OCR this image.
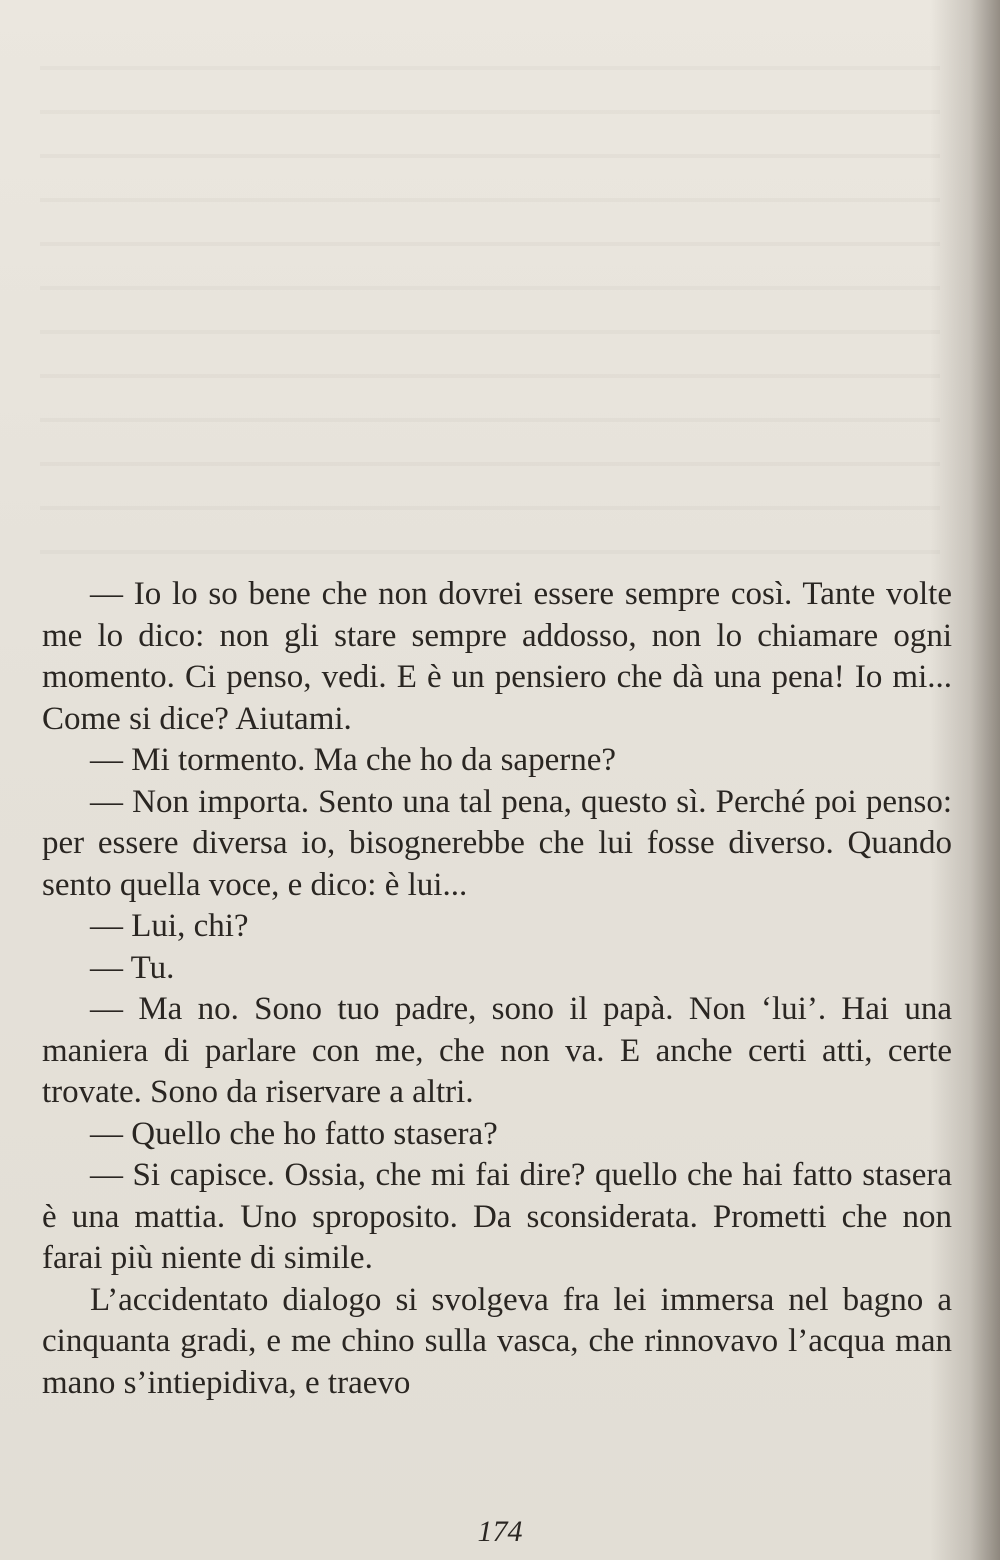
— Io lo so bene che non dovrei essere sempre così. Tante volte me lo dico: non gli stare sempre addosso, non lo chiamare ogni momento. Ci penso, vedi. E è un pensiero che dà una pena! Io mi... Come si dice? Aiutami.

— Mi tormento. Ma che ho da saperne?

— Non importa. Sento una tal pena, questo sì. Perché poi penso: per essere diversa io, bisognerebbe che lui fosse diverso. Quando sento quella voce, e dico: è lui...

— Lui, chi?

— Tu.

— Ma no. Sono tuo padre, sono il papà. Non ‘lui’. Hai una maniera di parlare con me, che non va. E anche certi atti, certe trovate. Sono da riservare a altri.

— Quello che ho fatto stasera?

— Si capisce. Ossia, che mi fai dire? quello che hai fatto stasera è una mattia. Uno sproposito. Da sconsiderata. Prometti che non farai più niente di simile.

L’accidentato dialogo si svolgeva fra lei immersa nel bagno a cinquanta gradi, e me chino sulla vasca, che rinnovavo l’acqua man mano s’intiepidiva, e traevo

174
